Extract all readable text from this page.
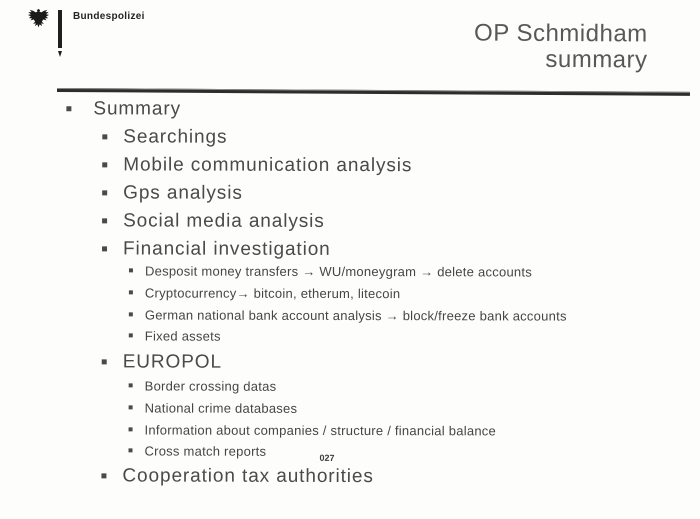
Bundespolizei
OP Schmidham
summary
Summary
Searchings
Mobile communication analysis
Gps analysis
Social media analysis
Financial investigation
Desposit money transfers → WU/moneygram → delete accounts
Cryptocurrency→ bitcoin, etherum, litecoin
German national bank account analysis → block/freeze bank accounts
Fixed assets
EUROPOL
Border crossing datas
National crime databases
Information about companies / structure / financial balance
Cross match reports
Cooperation tax authorities
027
